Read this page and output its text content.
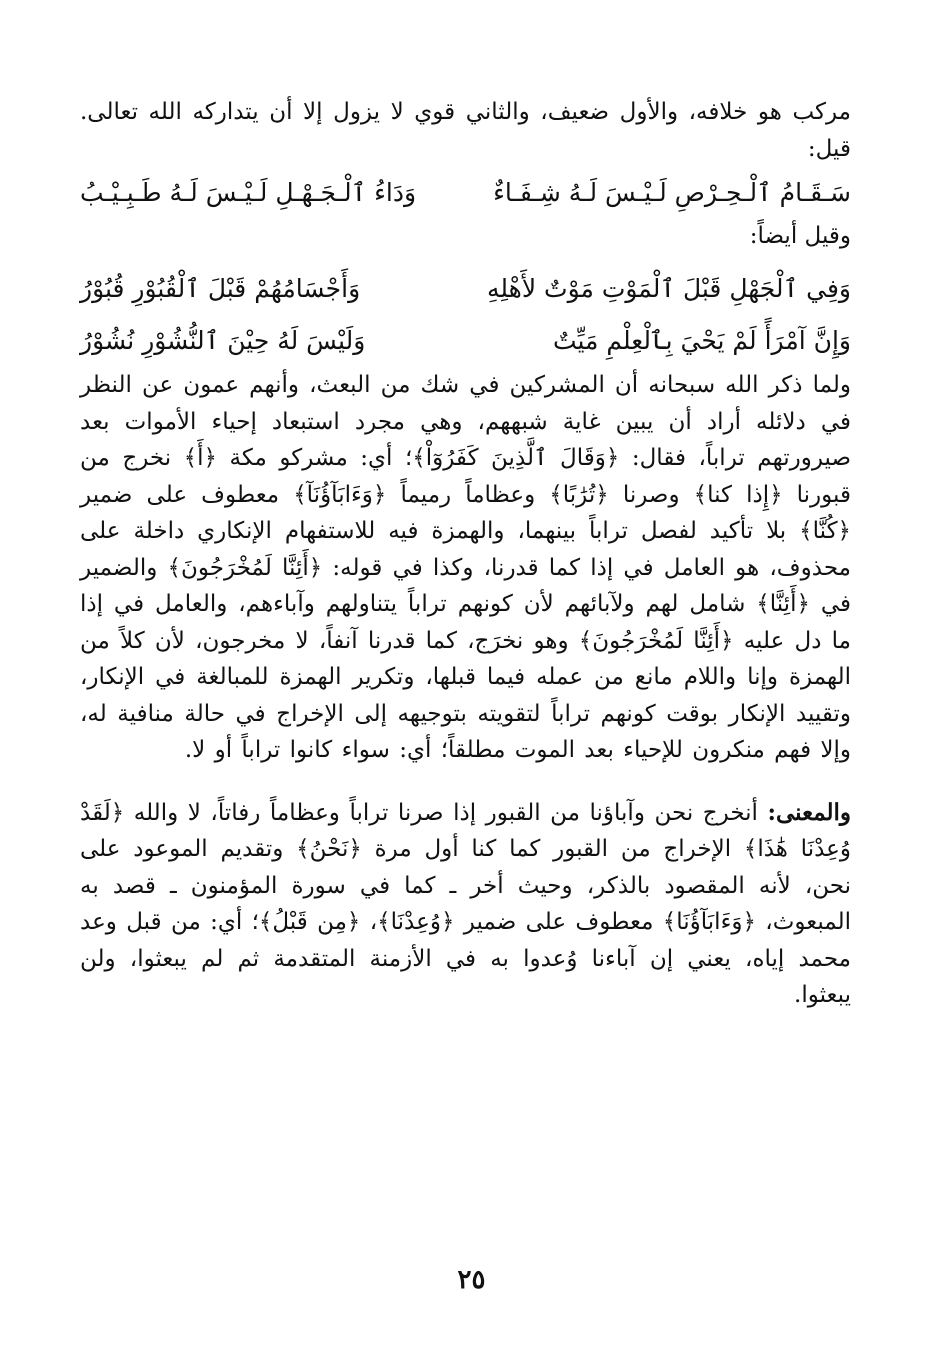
مركب هو خلافه، والأول ضعيف، والثاني قوي لا يزول إلا أن يتداركه الله تعالى. قيل:

سَـقَـامُ ٱلْـحِـرْصِ لَـيْـسَ لَـهُ شِـفَـاءٌ
وَدَاءُ ٱلْـجَـهْـلِ لَـيْـسَ لَـهُ طَـبِـيْـبُ

وقيل أيضاً:

وَفِي ٱلْجَهْلِ قَبْلَ ٱلْمَوْتِ مَوْتٌ لأَهْلِهِ
وَأَجْسَامُهُمْ قَبْلَ ٱلْقُبُوْرِ قُبُوْرُ
وَإِنَّ آمْرَأً لَمْ يَحْيَ بِٱلْعِلْمِ مَيِّتٌ
وَلَيْسَ لَهُ حِيْنَ ٱلنُّشُوْرِ نُشُوْرُ

ولما ذكر الله سبحانه أن المشركين في شك من البعث، وأنهم عمون عن النظر في دلائله أراد أن يبين غاية شبههم، وهي مجرد استبعاد إحياء الأموات بعد صيرورتهم تراباً، فقال: ﴿وَقَالَ ٱلَّذِينَ كَفَرُوٓاْ﴾؛ أي: مشركو مكة ﴿أَ﴾ نخرج من قبورنا ﴿إِذا كنا﴾ وصرنا ﴿تُرَٰبًا﴾ وعظاماً رميماً ﴿وَءَابَآؤُنَآ﴾ معطوف على ضمير ﴿كُنَّا﴾ بلا تأكيد لفصل تراباً بينهما، والهمزة فيه للاستفهام الإنكاري داخلة على محذوف، هو العامل في إذا كما قدرنا، وكذا في قوله: ﴿أَئِنَّا لَمُخْرَجُونَ﴾ والضمير في ﴿أَئِنَّا﴾ شامل لهم ولآبائهم لأن كونهم تراباً يتناولهم وآباءهم، والعامل في إذا ما دل عليه ﴿أَئِنَّا لَمُخْرَجُونَ﴾ وهو نخرَج، كما قدرنا آنفاً، لا مخرجون، لأن كلاً من الهمزة وإنا واللام مانع من عمله فيما قبلها، وتكرير الهمزة للمبالغة في الإنكار، وتقييد الإنكار بوقت كونهم تراباً لتقويته بتوجيهه إلى الإخراج في حالة منافية له، وإلا فهم منكرون للإحياء بعد الموت مطلقاً؛ أي: سواء كانوا تراباً أو لا.

والمعنى: أنخرج نحن وآباؤنا من القبور إذا صرنا تراباً وعظاماً رفاتاً، لا والله ﴿لَقَدْ وُعِدْنَا هَٰذَا﴾ الإخراج من القبور كما كنا أول مرة ﴿نَحْنُ﴾ وتقديم الموعود على نحن، لأنه المقصود بالذكر، وحيث أخر ـ كما في سورة المؤمنون ـ قصد به المبعوث، ﴿وَءَابَآؤُنَا﴾ معطوف على ضمير ﴿وُعِدْنَا﴾، ﴿مِن قَبْلُ﴾؛ أي: من قبل وعد محمد إياه، يعني إن آباءنا وُعدوا به في الأزمنة المتقدمة ثم لم يبعثوا، ولن يبعثوا.

٢٥
